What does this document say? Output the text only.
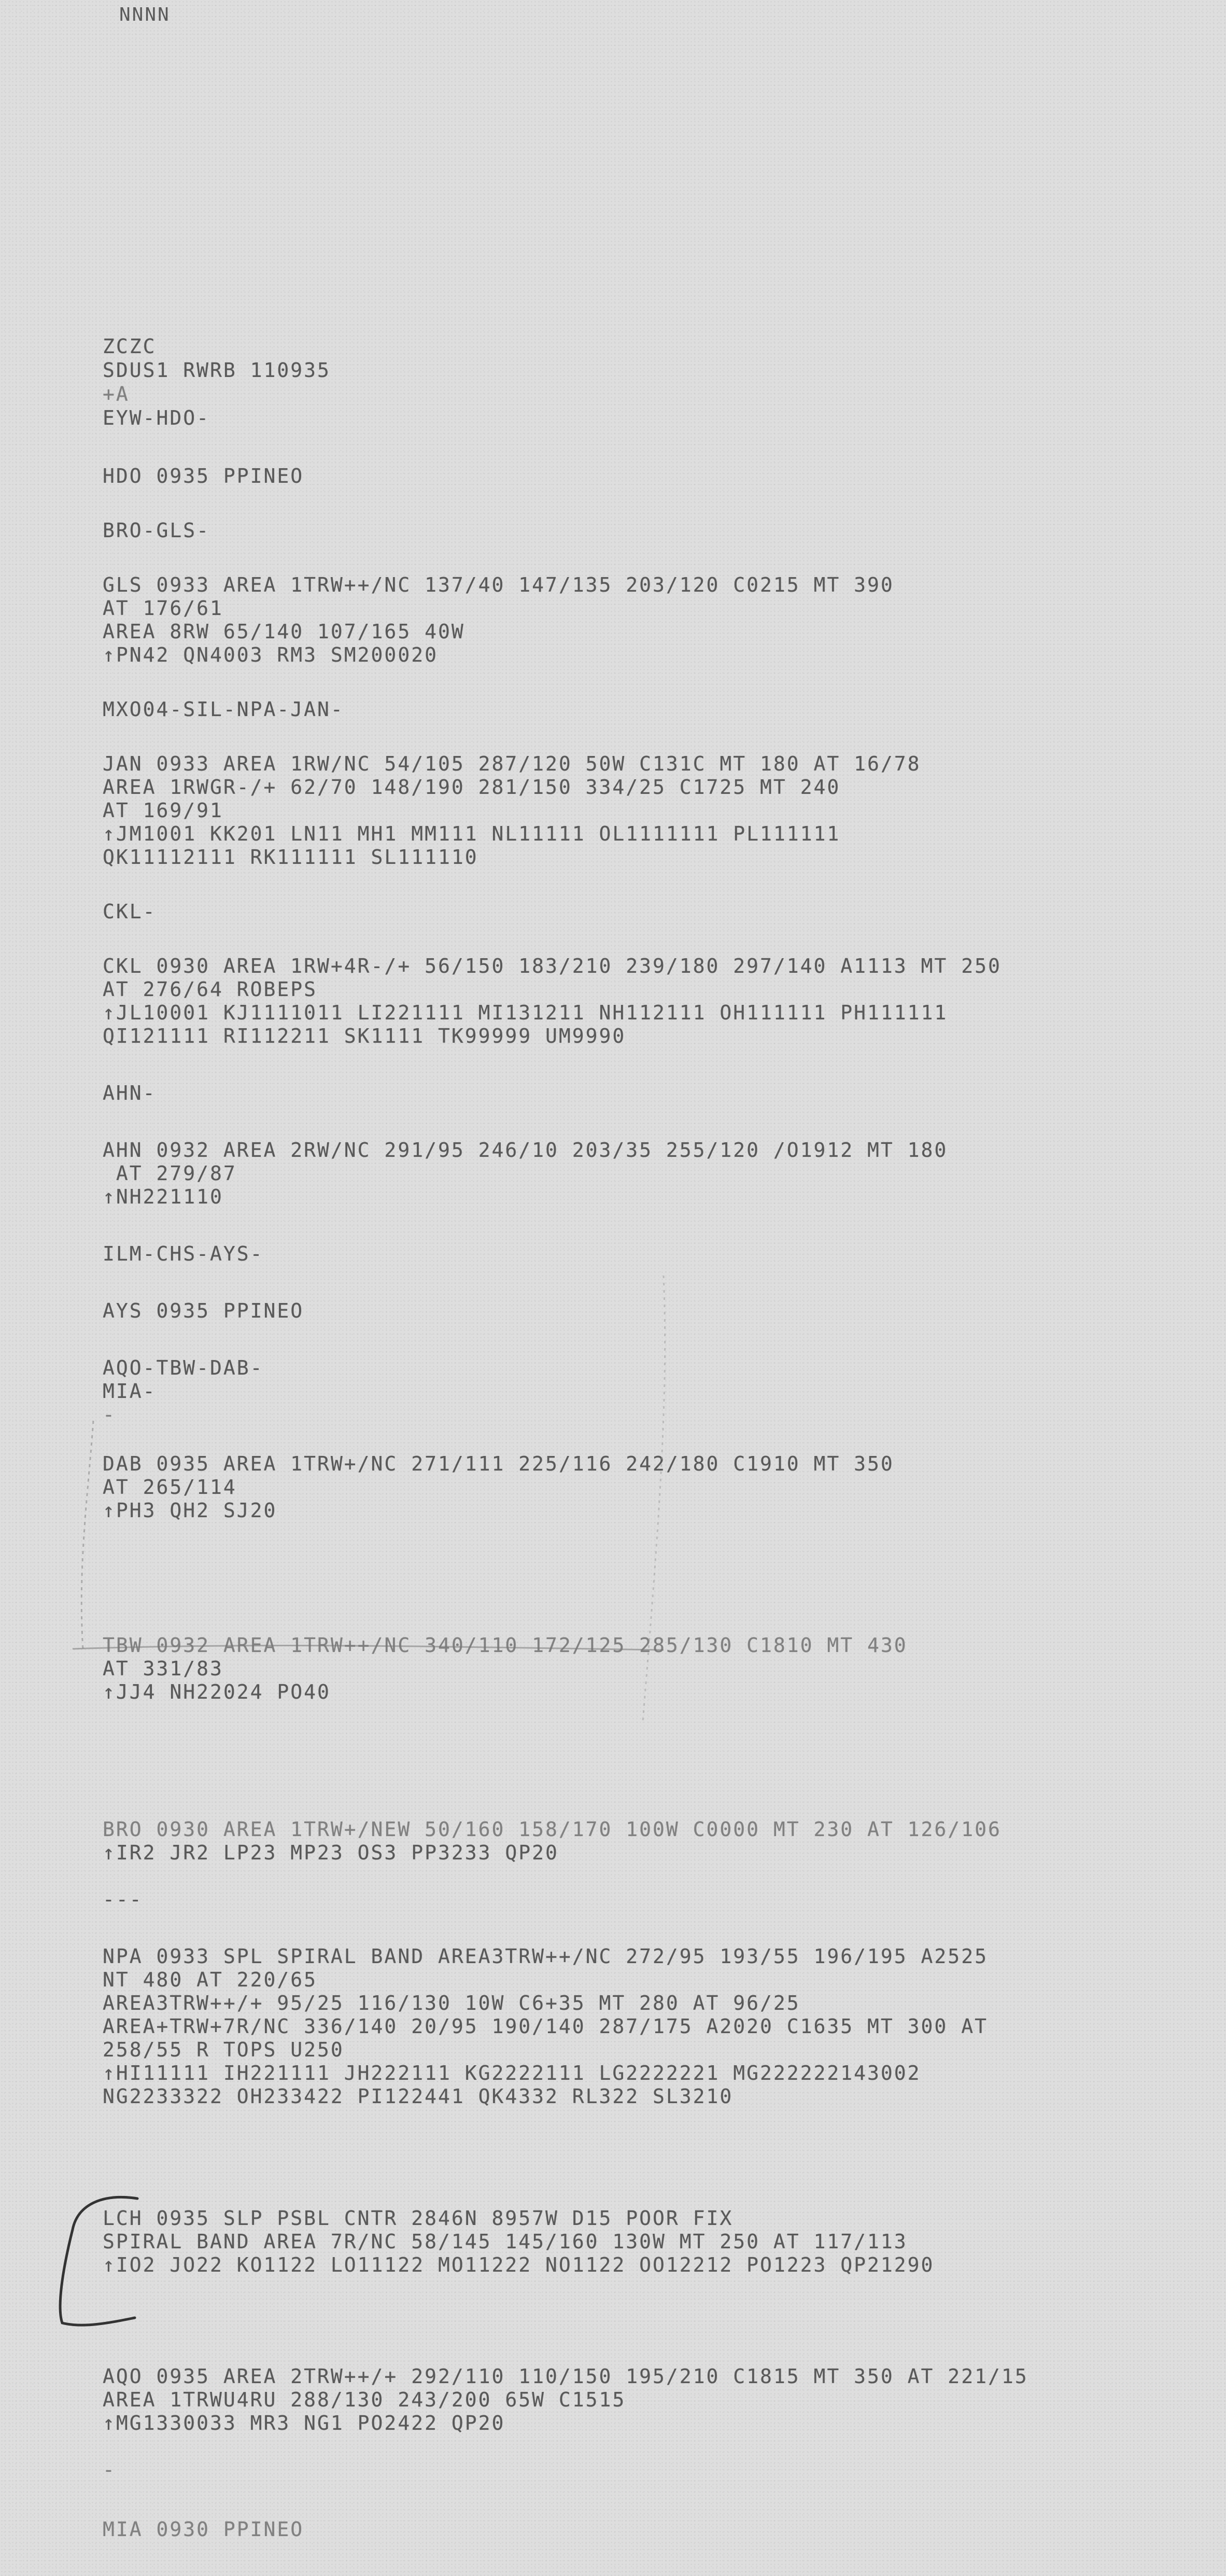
NNNN
ZCZC
SDUS1 RWRB 110935
+A
EYW-HDO-
HDO 0935 PPINEO
BRO-GLS-
GLS 0933 AREA 1TRW++/NC 137/40 147/135 203/120 C0215 MT 390
AT 176/61
AREA 8RW 65/140 107/165 40W
↑PN42 QN4003 RM3 SM200020
MXO04-SIL-NPA-JAN-
JAN 0933 AREA 1RW/NC 54/105 287/120 50W C131C MT 180 AT 16/78
AREA 1RWGR-/+ 62/70 148/190 281/150 334/25 C1725 MT 240
AT 169/91
↑JM1001 KK201 LN11 MH1 MM111 NL11111 OL1111111 PL111111
QK11112111 RK111111 SL111110
CKL-
CKL 0930 AREA 1RW+4R-/+ 56/150 183/210 239/180 297/140 A1113 MT 250
AT 276/64 ROBEPS
↑JL10001 KJ1111011 LI221111 MI131211 NH112111 OH111111 PH111111
QI121111 RI112211 SK1111 TK99999 UM9990
AHN-
AHN 0932 AREA 2RW/NC 291/95 246/10 203/35 255/120 /O1912 MT 180
AT 279/87
↑NH221110
ILM-CHS-AYS-
AYS 0935 PPINEO
AQO-TBW-DAB-
MIA-
-
DAB 0935 AREA 1TRW+/NC 271/111 225/116 242/180 C1910 MT 350
AT 265/114
↑PH3 QH2 SJ20
TBW 0932 AREA 1TRW++/NC 340/110 172/125 285/130 C1810 MT 430
AT 331/83
↑JJ4 NH22024 PO40
BRO 0930 AREA 1TRW+/NEW 50/160 158/170 100W C0000 MT 230 AT 126/106
↑IR2 JR2 LP23 MP23 OS3 PP3233 QP20
---
NPA 0933 SPL SPIRAL BAND AREA3TRW++/NC 272/95 193/55 196/195 A2525
NT 480 AT 220/65
AREA3TRW++/+ 95/25 116/130 10W C6+35 MT 280 AT 96/25
AREA+TRW+7R/NC 336/140 20/95 190/140 287/175 A2020 C1635 MT 300 AT
258/55 R TOPS U250
↑HI11111 IH221111 JH222111 KG2222111 LG2222221 MG222222143002
NG2233322 OH233422 PI122441 QK4332 RL322 SL3210
LCH 0935 SLP PSBL CNTR 2846N 8957W D15 POOR FIX
SPIRAL BAND AREA 7R/NC 58/145 145/160 130W MT 250 AT 117/113
↑IO2 JO22 KO1122 LO11122 MO11222 NO1122 OO12212 PO1223 QP21290
AQO 0935 AREA 2TRW++/+ 292/110 110/150 195/210 C1815 MT 350 AT 221/15
AREA 1TRWU4RU 288/130 243/200 65W C1515
↑MG1330033 MR3 NG1 PO2422 QP20
-
MIA 0930 PPINEO
